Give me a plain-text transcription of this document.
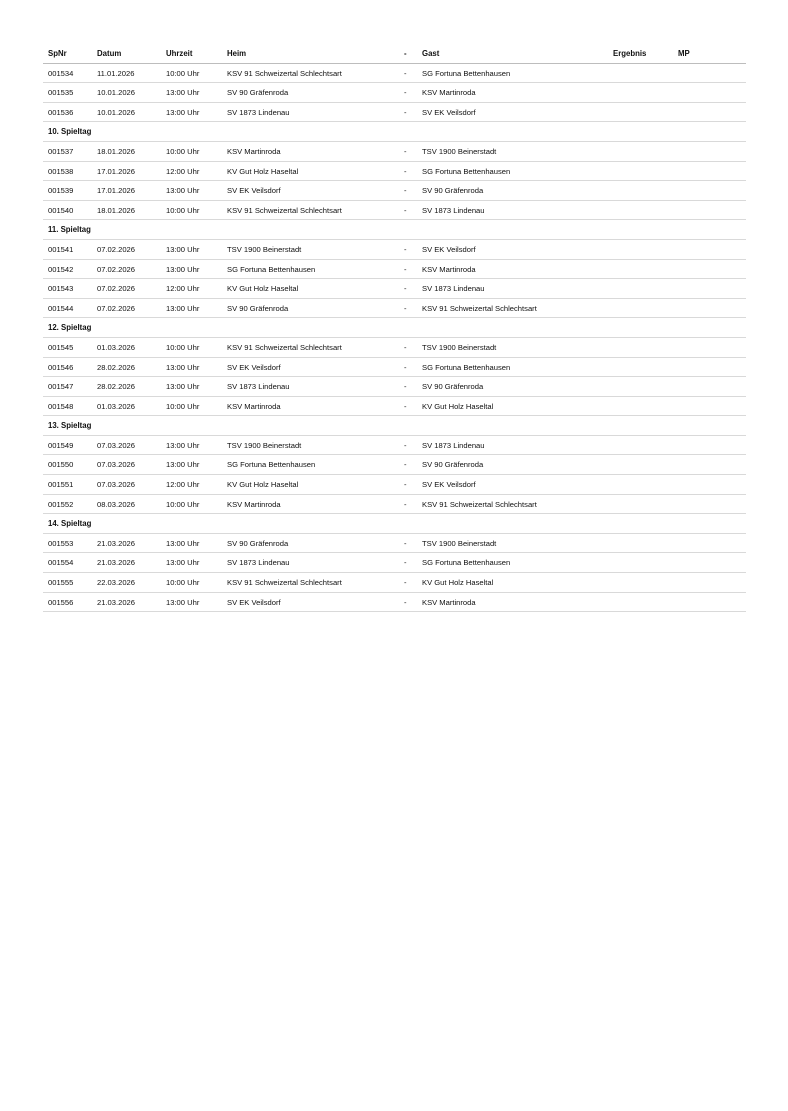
SpNr	Datum	Uhrzeit	Heim	- Gast	Ergebnis	MP
001534	11.01.2026	10:00 Uhr	KSV 91 Schweizertal Schlechtsart	- SG Fortuna Bettenhausen
001535	10.01.2026	13:00 Uhr	SV 90 Gräfenroda	- KSV Martinroda
001536	10.01.2026	13:00 Uhr	SV 1873 Lindenau	- SV EK Veilsdorf
10. Spieltag
001537	18.01.2026	10:00 Uhr	KSV Martinroda	- TSV 1900 Beinerstadt
001538	17.01.2026	12:00 Uhr	KV Gut Holz Haseltal	- SG Fortuna Bettenhausen
001539	17.01.2026	13:00 Uhr	SV EK Veilsdorf	- SV 90 Gräfenroda
001540	18.01.2026	10:00 Uhr	KSV 91 Schweizertal Schlechtsart	- SV 1873 Lindenau
11. Spieltag
001541	07.02.2026	13:00 Uhr	TSV 1900 Beinerstadt	- SV EK Veilsdorf
001542	07.02.2026	13:00 Uhr	SG Fortuna Bettenhausen	- KSV Martinroda
001543	07.02.2026	12:00 Uhr	KV Gut Holz Haseltal	- SV 1873 Lindenau
001544	07.02.2026	13:00 Uhr	SV 90 Gräfenroda	- KSV 91 Schweizertal Schlechtsart
12. Spieltag
001545	01.03.2026	10:00 Uhr	KSV 91 Schweizertal Schlechtsart	- TSV 1900 Beinerstadt
001546	28.02.2026	13:00 Uhr	SV EK Veilsdorf	- SG Fortuna Bettenhausen
001547	28.02.2026	13:00 Uhr	SV 1873 Lindenau	- SV 90 Gräfenroda
001548	01.03.2026	10:00 Uhr	KSV Martinroda	- KV Gut Holz Haseltal
13. Spieltag
001549	07.03.2026	13:00 Uhr	TSV 1900 Beinerstadt	- SV 1873 Lindenau
001550	07.03.2026	13:00 Uhr	SG Fortuna Bettenhausen	- SV 90 Gräfenroda
001551	07.03.2026	12:00 Uhr	KV Gut Holz Haseltal	- SV EK Veilsdorf
001552	08.03.2026	10:00 Uhr	KSV Martinroda	- KSV 91 Schweizertal Schlechtsart
14. Spieltag
001553	21.03.2026	13:00 Uhr	SV 90 Gräfenroda	- TSV 1900 Beinerstadt
001554	21.03.2026	13:00 Uhr	SV 1873 Lindenau	- SG Fortuna Bettenhausen
001555	22.03.2026	10:00 Uhr	KSV 91 Schweizertal Schlechtsart	- KV Gut Holz Haseltal
001556	21.03.2026	13:00 Uhr	SV EK Veilsdorf	- KSV Martinroda
